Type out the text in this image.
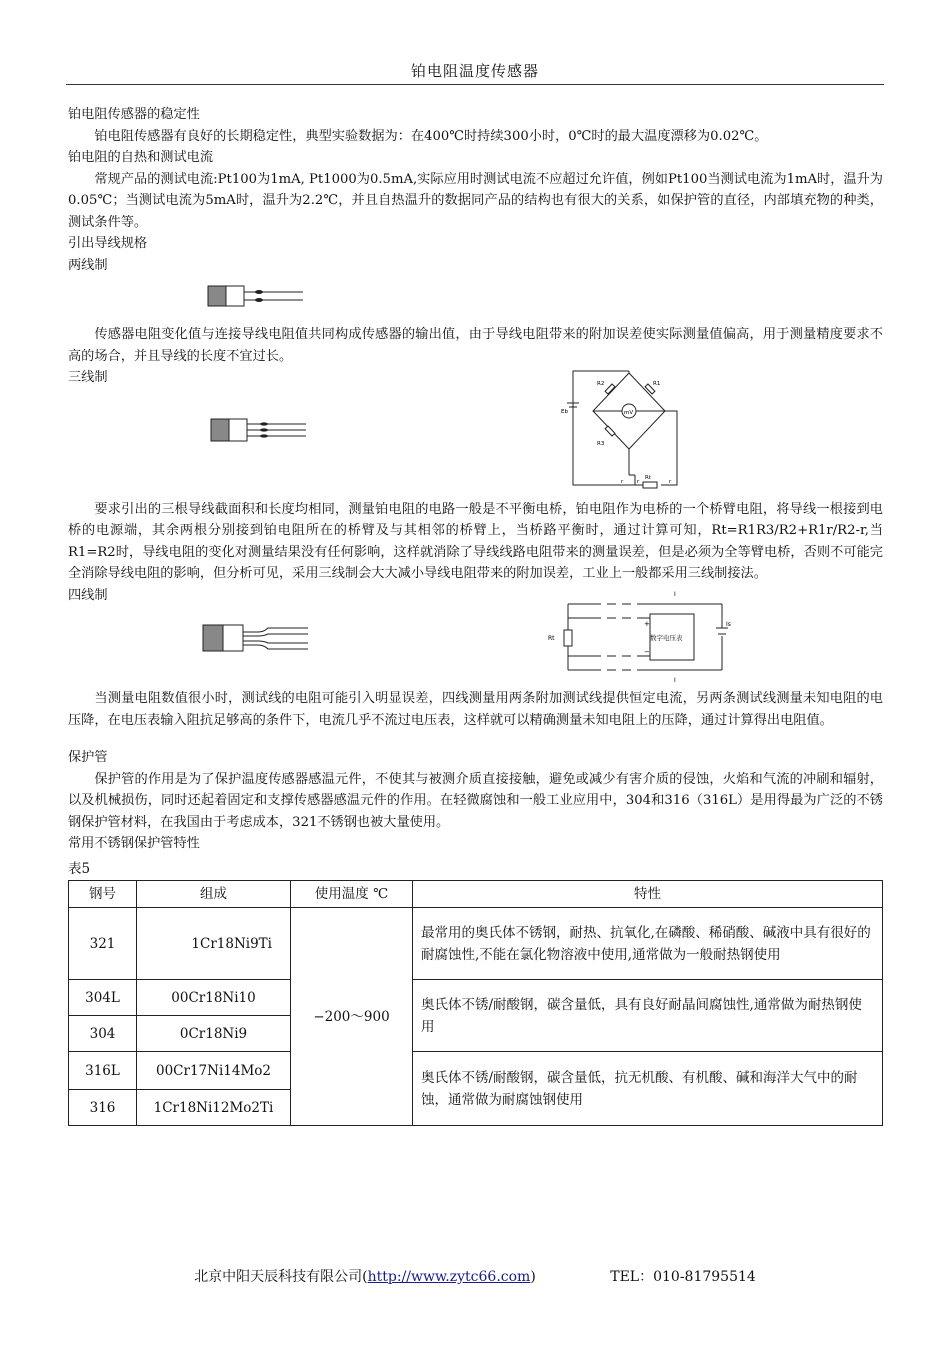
铂电阻温度传感器

铂电阻传感器的稳定性

铂电阻传感器有良好的长期稳定性，典型实验数据为：在400℃时持续300小时，0℃时的最大温度漂移为0.02℃。

铂电阻的自热和测试电流

常规产品的测试电流:Pt100为1mA, Pt1000为0.5mA,实际应用时测试电流不应超过允许值，例如Pt100当测试电流为1mA时，温升为0.05℃；当测试电流为5mA时，温升为2.2℃，并且自热温升的数据同产品的结构也有很大的关系，如保护管的直径，内部填充物的种类，测试条件等。

引出导线规格

两线制

传感器电阻变化值与连接导线电阻值共同构成传感器的输出值，由于导线电阻带来的附加误差使实际测量值偏高，用于测量精度要求不高的场合，并且导线的长度不宜过长。

三线制	R2	R1
R3
Eb	mV
Rt
r r	r

要求引出的三根导线截面积和长度均相同，测量铂电阻的电路一般是不平衡电桥，铂电阻作为电桥的一个桥臂电阻，将导线一根接到电桥的电源端，其余两根分别接到铂电阻所在的桥臂及与其相邻的桥臂上，当桥路平衡时，通过计算可知，Rt=R1R3/R2+R1r/R2-r,当R1=R2时，导线电阻的变化对测量结果没有任何影响，这样就消除了导线线路电阻带来的测量误差，但是必须为全等臂电桥，否则不可能完全消除导线电阻的影响，但分析可见，采用三线制会大大减小导线电阻带来的附加误差，工业上一般都采用三线制接法。

四线制	I
I
Rt	数字电压表
+
−
Is

当测量电阻数值很小时，测试线的电阻可能引入明显误差，四线测量用两条附加测试线提供恒定电流，另两条测试线测量未知电阻的电压降，在电压表输入阻抗足够高的条件下，电流几乎不流过电压表，这样就可以精确测量未知电阻上的压降，通过计算得出电阻值。

保护管

保护管的作用是为了保护温度传感器感温元件，不使其与被测介质直接接触，避免或减少有害介质的侵蚀，火焰和气流的冲刷和辐射，以及机械损伤，同时还起着固定和支撑传感器感温元件的作用。在轻微腐蚀和一般工业应用中，304和316（316L）是用得最为广泛的不锈钢保护管材料，在我国由于考虑成本，321不锈钢也被大量使用。

常用不锈钢保护管特性

表5

钢号	组成	使用温度 ℃	特性
321	1Cr18Ni9Ti	−200～900	最常用的奥氏体不锈钢，耐热、抗氧化,在磷酸、稀硝酸、碱液中具有很好的耐腐蚀性,不能在氯化物溶液中使用,通常做为一般耐热钢使用
304L	00Cr18Ni10		奥氏体不锈/耐酸钢，碳含量低，具有良好耐晶间腐蚀性,通常做为耐热钢使用
304	0Cr18Ni9		
316L	00Cr17Ni14Mo2		奥氏体不锈/耐酸钢，碳含量低，抗无机酸、有机酸、碱和海洋大气中的耐蚀，通常做为耐腐蚀钢使用
316	1Cr18Ni12Mo2Ti		
北京中阳天辰科技有限公司(http://www.zytc66.com)	TEL：010-81795514
